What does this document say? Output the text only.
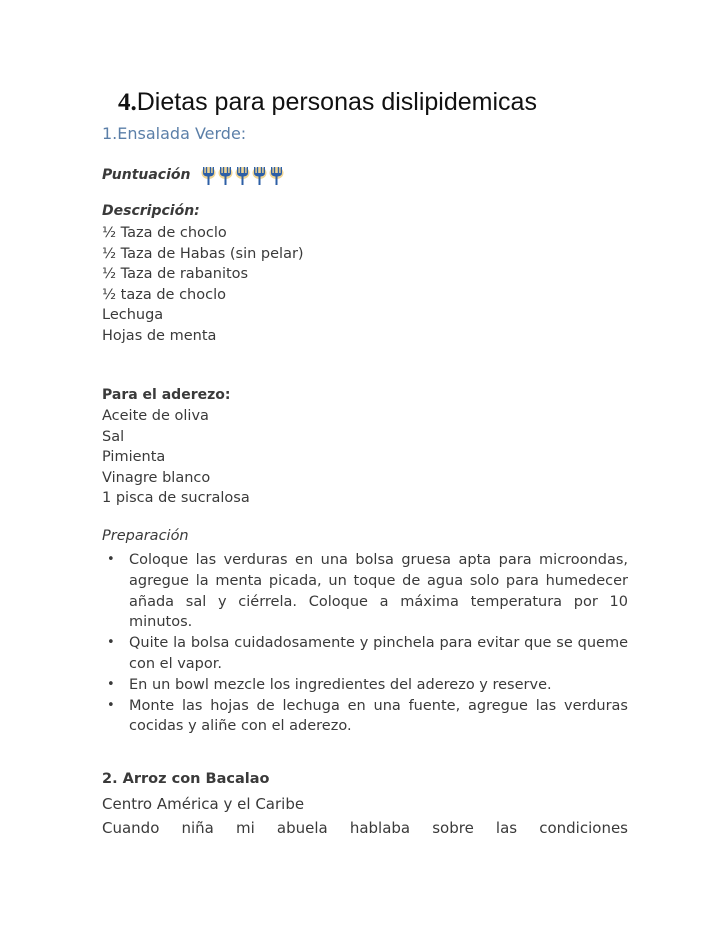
4.Dietas para personas dislipidemicas
1.Ensalada Verde:
Puntuación

Descripción:

½ Taza de choclo
½ Taza de Habas (sin pelar)
½ Taza de rabanitos
½ taza de choclo
Lechuga
Hojas de menta

Para el aderezo:

Aceite de oliva
Sal
Pimienta
Vinagre blanco
1 pisca de sucralosa

Preparación

• Coloque las verduras en una bolsa gruesa apta para microondas, agregue la menta picada, un toque de agua solo para humedecer añada sal y ciérrela. Coloque a máxima temperatura por 10 minutos.
• Quite la bolsa cuidadosamente y pinchela para evitar que se queme con el vapor.
• En un bowl mezcle los ingredientes del aderezo y reserve.
• Monte las hojas de lechuga en una fuente, agregue las verduras cocidas y aliñe con el aderezo.

2. Arroz con Bacalao

Centro América y el Caribe

Cuando niña mi abuela hablaba sobre las condiciones
